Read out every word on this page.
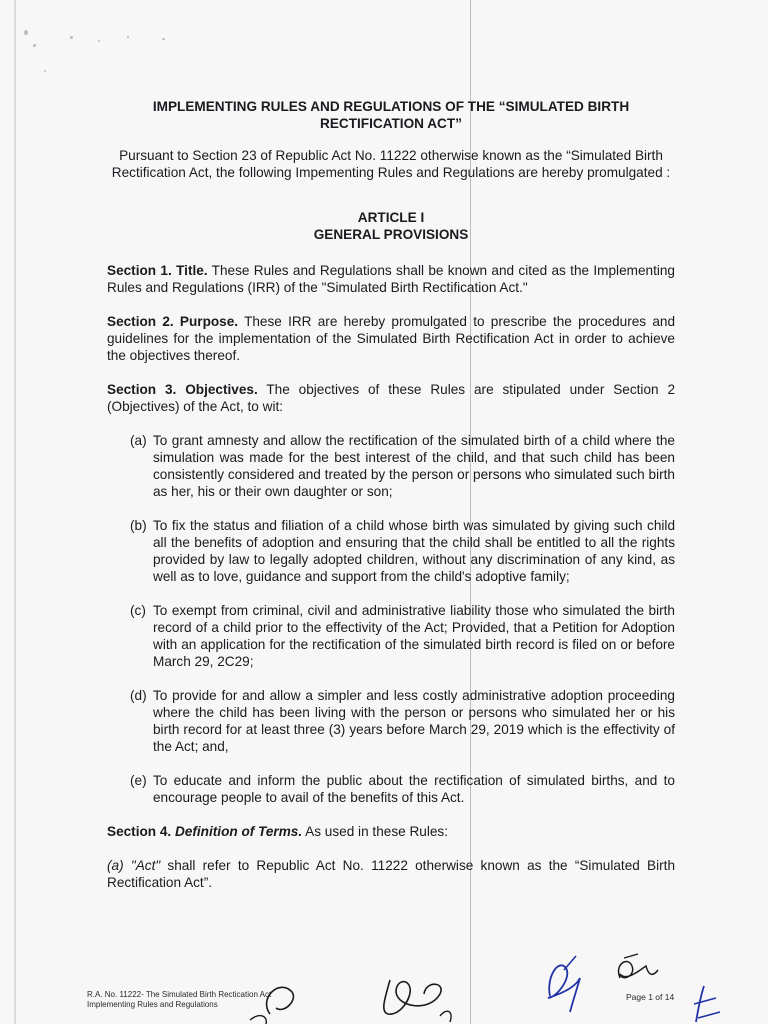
IMPLEMENTING RULES AND REGULATIONS OF THE “SIMULATED BIRTH
RECTIFICATION ACT”
Pursuant to Section 23 of Republic Act No. 11222 otherwise known as the “Simulated Birth Rectification Act, the following Impementing Rules and Regulations are hereby promulgated :
ARTICLE I
GENERAL PROVISIONS

Section 1. Title. These Rules and Regulations shall be known and cited as the Implementing Rules and Regulations (IRR) of the "Simulated Birth Rectification Act."

Section 2. Purpose. These IRR are hereby promulgated to prescribe the procedures and guidelines for the implementation of the Simulated Birth Rectification Act in order to achieve the objectives thereof.

Section 3. Objectives. The objectives of these Rules are stipulated under Section 2 (Objectives) of the Act, to wit:

(a) To grant amnesty and allow the rectification of the simulated birth of a child where the simulation was made for the best interest of the child, and that such child has been consistently considered and treated by the person or persons who simulated such birth as her, his or their own daughter or son;
(b) To fix the status and filiation of a child whose birth was simulated by giving such child all the benefits of adoption and ensuring that the child shall be entitled to all the rights provided by law to legally adopted children, without any discrimination of any kind, as well as to love, guidance and support from the child's adoptive family;
(c) To exempt from criminal, civil and administrative liability those who simulated the birth record of a child prior to the effectivity of the Act; Provided, that a Petition for Adoption with an application for the rectification of the simulated birth record is filed on or before March 29, 2C29;
(d) To provide for and allow a simpler and less costly administrative adoption proceeding where the child has been living with the person or persons who simulated her or his birth record for at least three (3) years before March 29, 2019 which is the effectivity of the Act; and,
(e) To educate and inform the public about the rectification of simulated births, and to encourage people to avail of the benefits of this Act.

Section 4. Definition of Terms. As used in these Rules:

(a) "Act" shall refer to Republic Act No. 11222 otherwise known as the “Simulated Birth Rectification Act”.

R.A. No. 11222- The Simulated Birth Rectication Act
Implementing Rules and Regulations
Page 1 of 14
